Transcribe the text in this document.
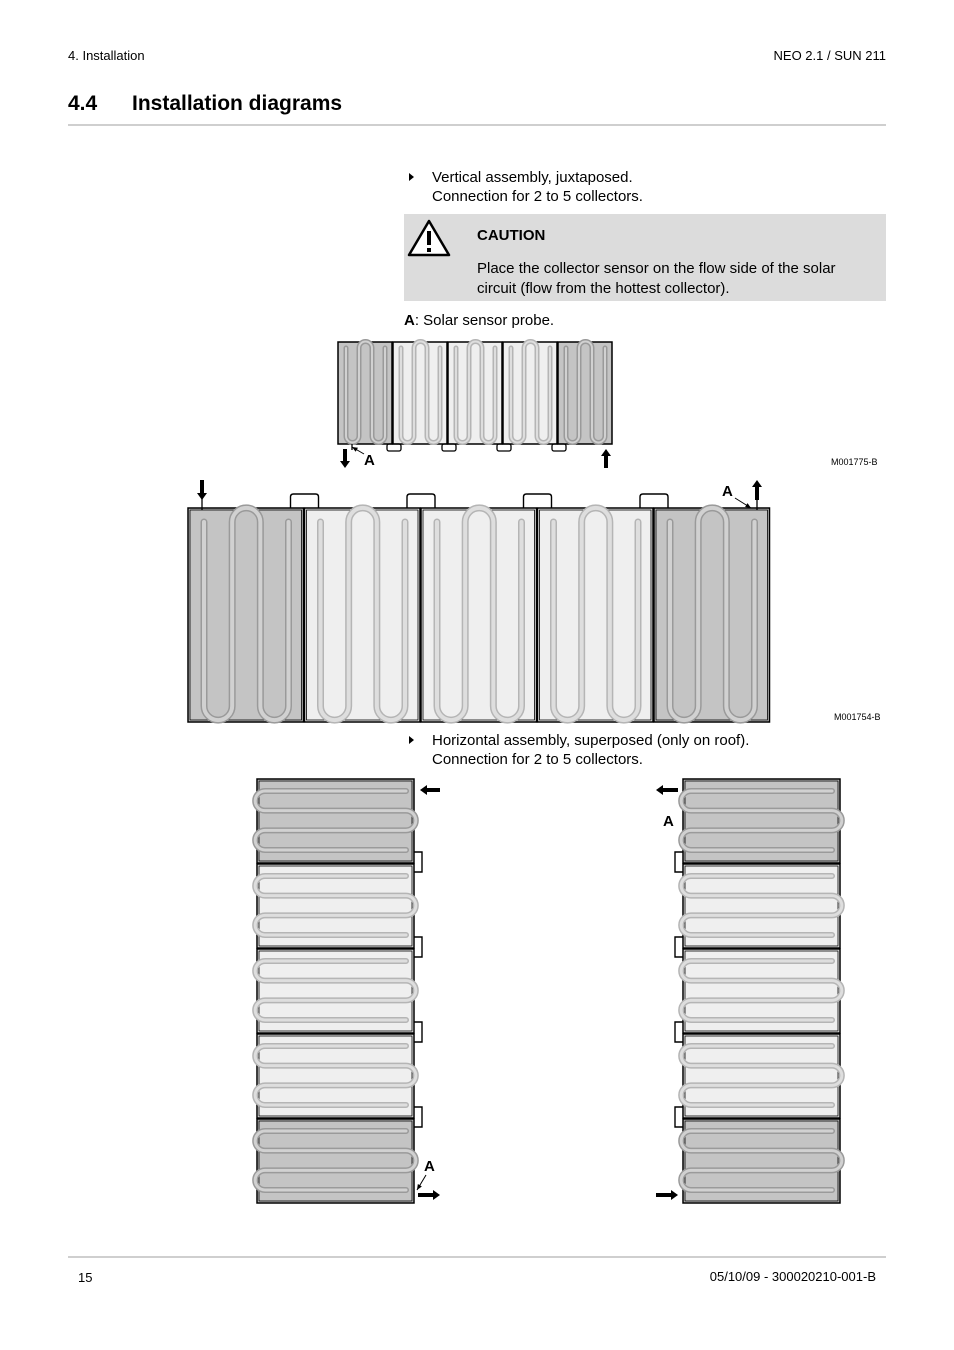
4. Installation	NEO 2.1 / SUN 211
4.4 Installation diagrams
Vertical assembly, juxtaposed.
Connection for 2 to 5 collectors.
CAUTION
Place the collector sensor on the flow side of the solar circuit (flow from the hottest collector).
A: Solar sensor probe.
A	M001775-B
A
M001754-B
Horizontal assembly, superposed (only on roof).
Connection for 2 to 5 collectors.
A
A
15	05/10/09 - 300020210-001-B
